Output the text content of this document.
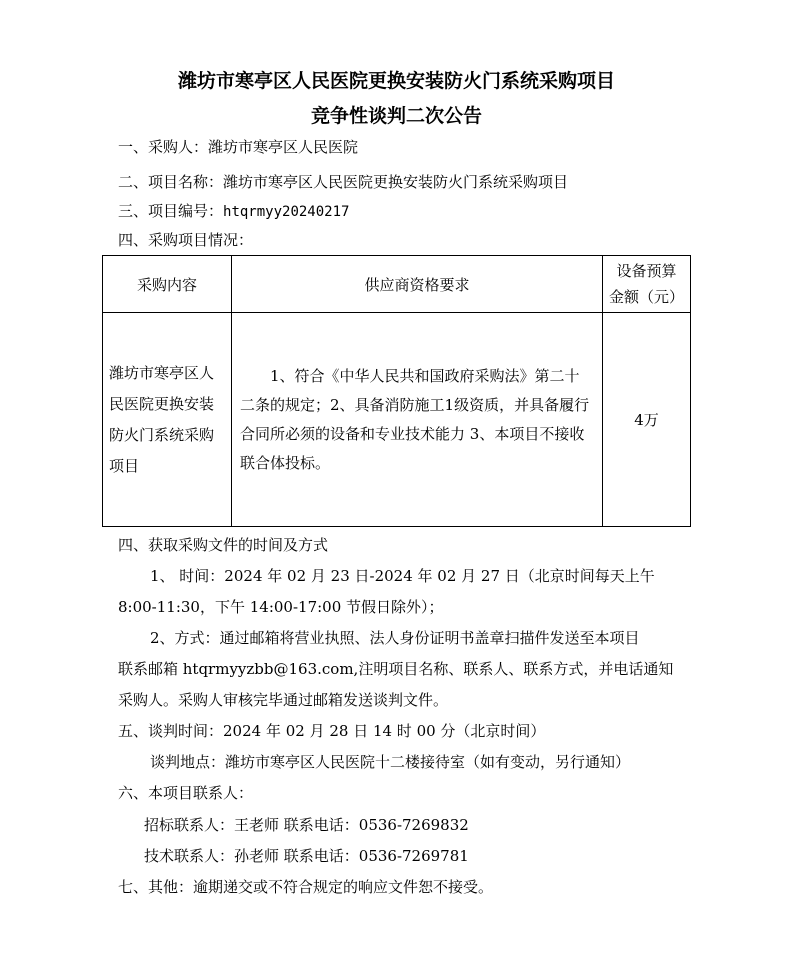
潍坊市寒亭区人民医院更换安装防火门系统采购项目
竞争性谈判二次公告
一、采购人：潍坊市寒亭区人民医院
二、项目名称：潍坊市寒亭区人民医院更换安装防火门系统采购项目
三、项目编号：htqrmyy20240217
四、采购项目情况：
采购内容	供应商资格要求	设备预算
金额（元）
潍坊市寒亭区人民医院更换安装防火门系统采购项目	1、符合《中华人民共和国政府采购法》第二十二条的规定；2、具备消防施工1级资质，并具备履行合同所必须的设备和专业技术能力 3、本项目不接收联合体投标。	4万
四、获取采购文件的时间及方式
1、 时间：2024 年 02 月 23 日-2024 年 02 月 27 日（北京时间每天上午
8:00-11:30，下午 14:00-17:00 节假日除外）；
2、方式：通过邮箱将营业执照、法人身份证明书盖章扫描件发送至本项目
联系邮箱 htqrmyyzbb@163.com,注明项目名称、联系人、联系方式，并电话通知
采购人。采购人审核完毕通过邮箱发送谈判文件。
五、谈判时间：2024 年 02 月 28 日 14 时 00 分（北京时间）
谈判地点：潍坊市寒亭区人民医院十二楼接待室（如有变动，另行通知）
六、本项目联系人：
招标联系人：王老师 联系电话：0536-7269832
技术联系人：孙老师 联系电话：0536-7269781
七、其他：逾期递交或不符合规定的响应文件恕不接受。
